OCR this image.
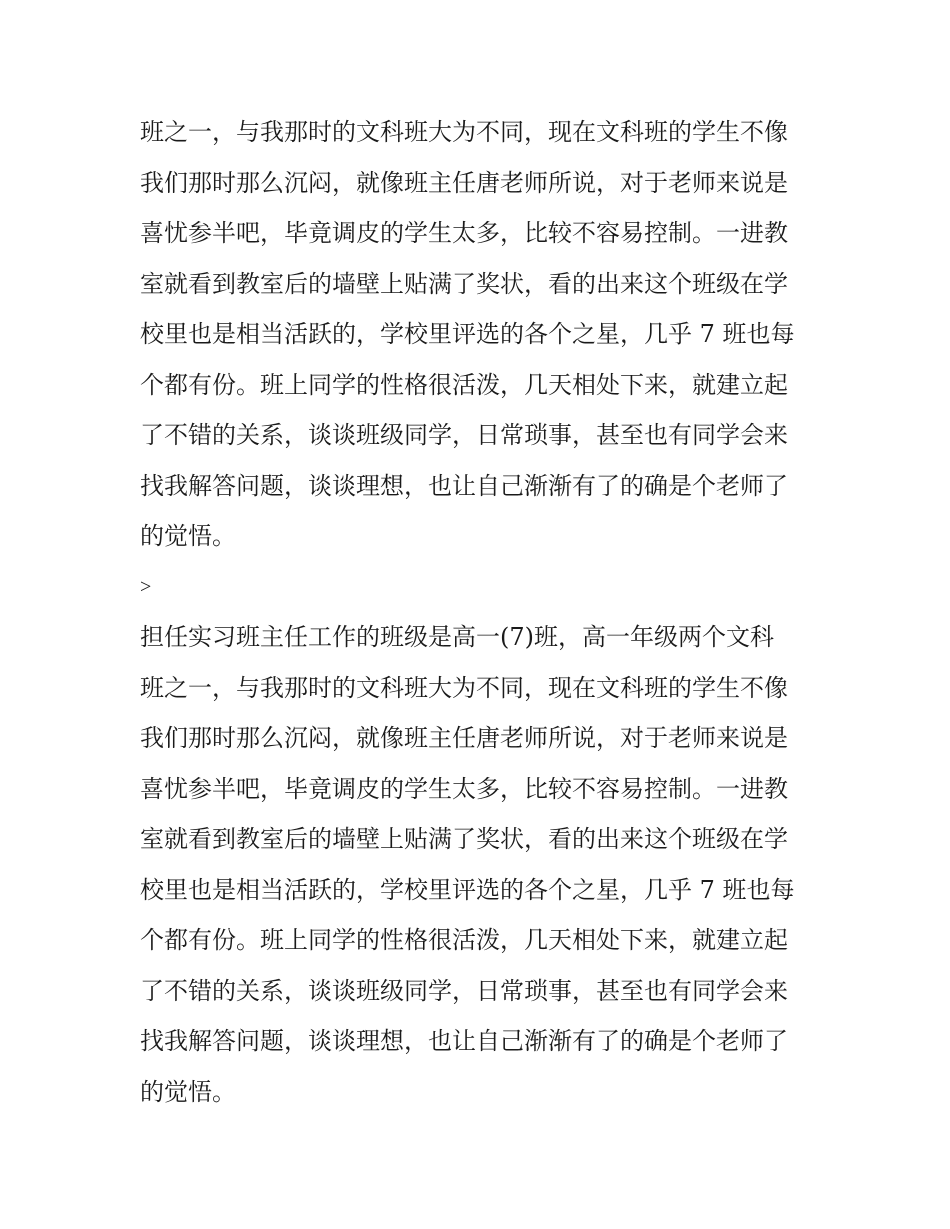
班之一，与我那时的文科班大为不同，现在文科班的学生不像
我们那时那么沉闷，就像班主任唐老师所说，对于老师来说是
喜忧参半吧，毕竟调皮的学生太多，比较不容易控制。一进教
室就看到教室后的墙壁上贴满了奖状，看的出来这个班级在学
校里也是相当活跃的，学校里评选的各个之星，几乎 7 班也每
个都有份。班上同学的性格很活泼，几天相处下来，就建立起
了不错的关系，谈谈班级同学，日常琐事，甚至也有同学会来
找我解答问题，谈谈理想，也让自己渐渐有了的确是个老师了
的觉悟。
>
担任实习班主任工作的班级是高一(7)班，高一年级两个文科
班之一，与我那时的文科班大为不同，现在文科班的学生不像
我们那时那么沉闷，就像班主任唐老师所说，对于老师来说是
喜忧参半吧，毕竟调皮的学生太多，比较不容易控制。一进教
室就看到教室后的墙壁上贴满了奖状，看的出来这个班级在学
校里也是相当活跃的，学校里评选的各个之星，几乎 7 班也每
个都有份。班上同学的性格很活泼，几天相处下来，就建立起
了不错的关系，谈谈班级同学，日常琐事，甚至也有同学会来
找我解答问题，谈谈理想，也让自己渐渐有了的确是个老师了
的觉悟。
